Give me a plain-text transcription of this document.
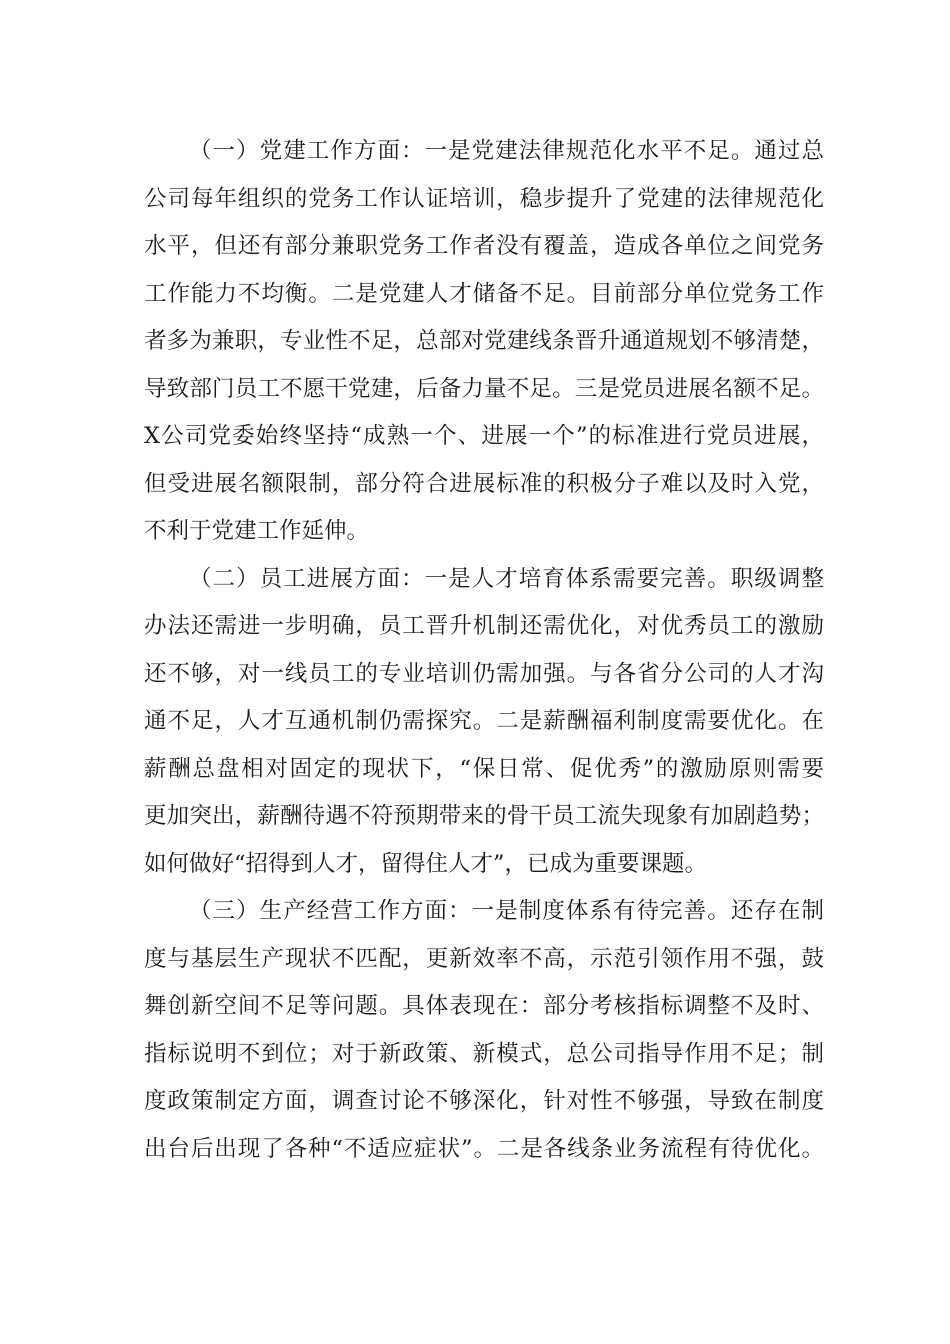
（一）党建工作方面：一是党建法律规范化水平不足。通过总
公司每年组织的党务工作认证培训，稳步提升了党建的法律规范化
水平，但还有部分兼职党务工作者没有覆盖，造成各单位之间党务
工作能力不均衡。二是党建人才储备不足。目前部分单位党务工作
者多为兼职，专业性不足，总部对党建线条晋升通道规划不够清楚，
导致部门员工不愿干党建，后备力量不足。三是党员进展名额不足。
X公司党委始终坚持“成熟一个、进展一个”的标准进行党员进展，
但受进展名额限制，部分符合进展标准的积极分子难以及时入党，
不利于党建工作延伸。
（二）员工进展方面：一是人才培育体系需要完善。职级调整
办法还需进一步明确，员工晋升机制还需优化，对优秀员工的激励
还不够，对一线员工的专业培训仍需加强。与各省分公司的人才沟
通不足，人才互通机制仍需探究。二是薪酬福利制度需要优化。在
薪酬总盘相对固定的现状下，“保日常、促优秀”的激励原则需要
更加突出，薪酬待遇不符预期带来的骨干员工流失现象有加剧趋势；
如何做好“招得到人才，留得住人才”，已成为重要课题。
（三）生产经营工作方面：一是制度体系有待完善。还存在制
度与基层生产现状不匹配，更新效率不高，示范引领作用不强，鼓
舞创新空间不足等问题。具体表现在：部分考核指标调整不及时、
指标说明不到位；对于新政策、新模式，总公司指导作用不足；制
度政策制定方面，调查讨论不够深化，针对性不够强，导致在制度
出台后出现了各种“不适应症状”。二是各线条业务流程有待优化。
